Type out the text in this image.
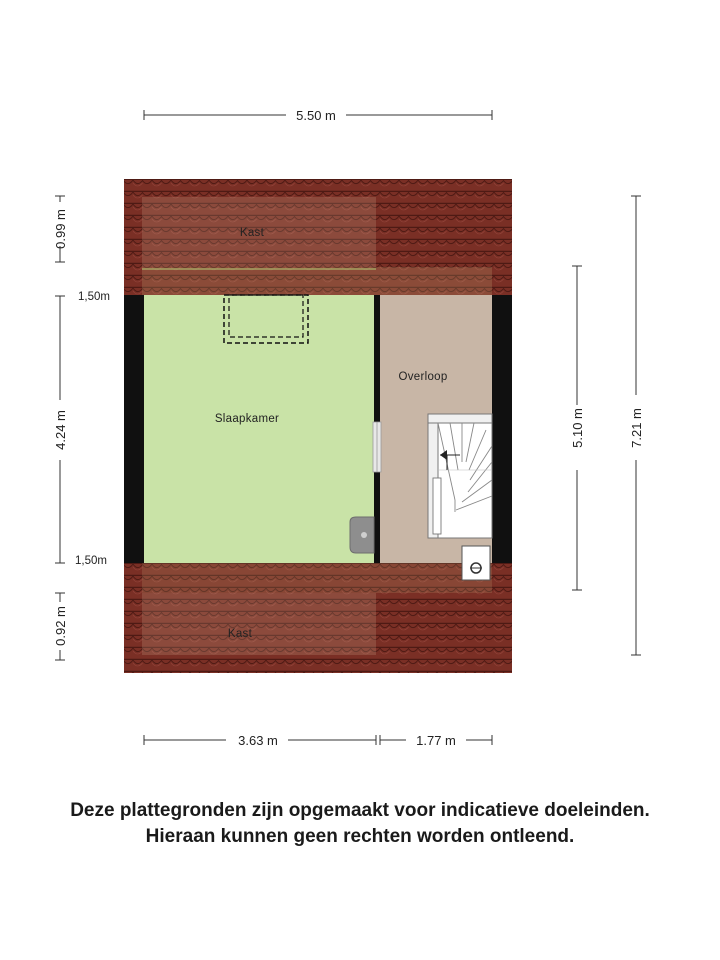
5.50 m
Kast
Slaapkamer
Overloop
Kast
0.99 m
4.24 m
0.92 m
1,50m
1,50m
5.10 m	7.21 m
3.63 m	1.77 m
Deze plattegronden zijn opgemaakt voor indicatieve doeleinden.
Hieraan kunnen geen rechten worden ontleend.
